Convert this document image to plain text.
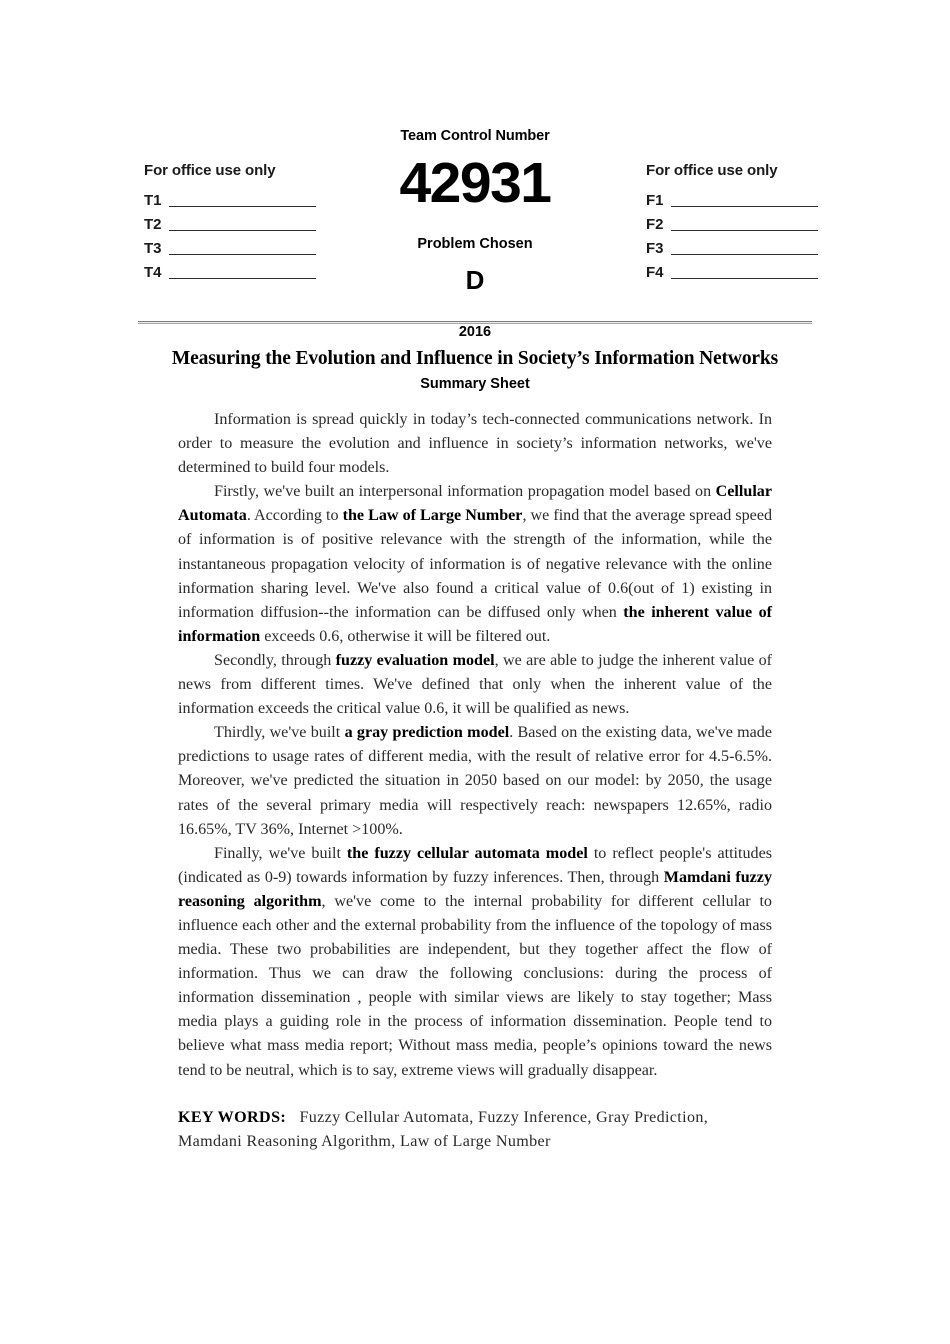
For office use only
T1
T2
T3
T4
Team Control Number
42931
Problem Chosen
D
For office use only
F1
F2
F3
F4
2016
Measuring the Evolution and Influence in Society’s Information Networks
Summary Sheet

Information is spread quickly in today’s tech-connected communications network. In order to measure the evolution and influence in society’s information networks, we've determined to build four models.

Firstly, we've built an interpersonal information propagation model based on Cellular Automata. According to the Law of Large Number, we find that the average spread speed of information is of positive relevance with the strength of the information, while the instantaneous propagation velocity of information is of negative relevance with the online information sharing level. We've also found a critical value of 0.6(out of 1) existing in information diffusion--the information can be diffused only when the inherent value of information exceeds 0.6, otherwise it will be filtered out.

Secondly, through fuzzy evaluation model, we are able to judge the inherent value of news from different times. We've defined that only when the inherent value of the information exceeds the critical value 0.6, it will be qualified as news.

Thirdly, we've built a gray prediction model. Based on the existing data, we've made predictions to usage rates of different media, with the result of relative error for 4.5-6.5%. Moreover, we've predicted the situation in 2050 based on our model: by 2050, the usage rates of the several primary media will respectively reach: newspapers 12.65%, radio 16.65%, TV 36%, Internet >100%.

Finally, we've built the fuzzy cellular automata model to reflect people's attitudes (indicated as 0-9) towards information by fuzzy inferences. Then, through Mamdani fuzzy reasoning algorithm, we've come to the internal probability for different cellular to influence each other and the external probability from the influence of the topology of mass media. These two probabilities are independent, but they together affect the flow of information. Thus we can draw the following conclusions: during the process of information dissemination , people with similar views are likely to stay together; Mass media plays a guiding role in the process of information dissemination. People tend to believe what mass media report; Without mass media, people’s opinions toward the news tend to be neutral, which is to say, extreme views will gradually disappear.

KEY WORDS:   Fuzzy Cellular Automata, Fuzzy Inference, Gray Prediction, Mamdani Reasoning Algorithm, Law of Large Number
